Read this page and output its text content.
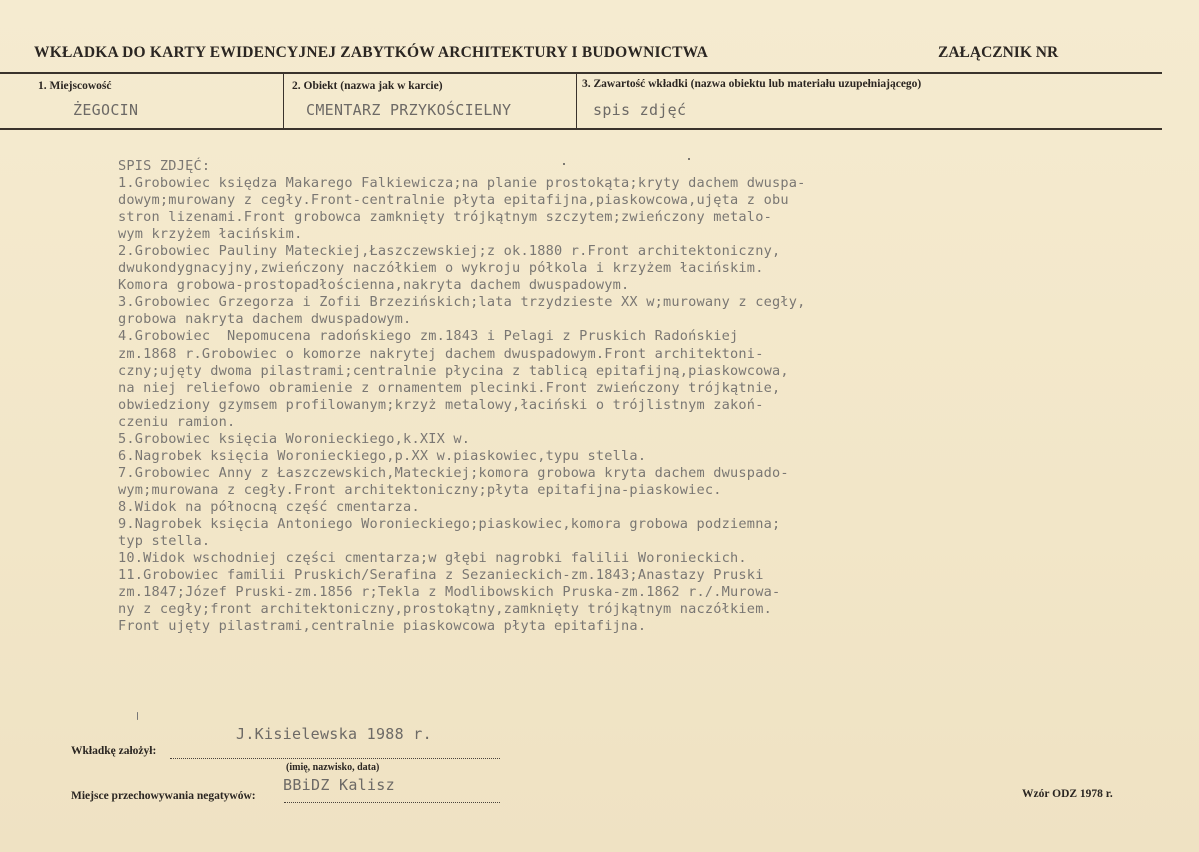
WKŁADKA DO KARTY EWIDENCYJNEJ ZABYTKÓW ARCHITEKTURY I BUDOWNICTWA	ZAŁĄCZNIK NR
1. Miejscowość
ŻEGOCIN
2. Obiekt (nazwa jak w karcie)
CMENTARZ PRZYKOŚCIELNY
3. Zawartość wkładki (nazwa obiektu lub materiału uzupełniającego)
spis zdjęć
SPIS ZDJĘĆ:
1.Grobowiec księdza Makarego Falkiewicza;na planie prostokąta;kryty dachem dwuspa-
dowym;murowany z cegły.Front-centralnie płyta epitafijna,piaskowcowa,ujęta z obu
stron lizenami.Front grobowca zamknięty trójkątnym szczytem;zwieńczony metalo-
wym krzyżem łacińskim.
2.Grobowiec Pauliny Mateckiej,Łaszczewskiej;z ok.1880 r.Front architektoniczny,
dwukondygnacyjny,zwieńczony naczółkiem o wykroju półkola i krzyżem łacińskim.
Komora grobowa-prostopadłościenna,nakryta dachem dwuspadowym.
3.Grobowiec Grzegorza i Zofii Brzezińskich;lata trzydzieste XX w;murowany z cegły,
grobowa nakryta dachem dwuspadowym.
4.Grobowiec  Nepomucena radońskiego zm.1843 i Pelagi z Pruskich Radońskiej
zm.1868 r.Grobowiec o komorze nakrytej dachem dwuspadowym.Front architektoni-
czny;ujęty dwoma pilastrami;centralnie płycina z tablicą epitafijną,piaskowcowa,
na niej reliefowo obramienie z ornamentem plecinki.Front zwieńczony trójkątnie,
obwiedziony gzymsem profilowanym;krzyż metalowy,łaciński o trójlistnym zakoń-
czeniu ramion.
5.Grobowiec księcia Woronieckiego,k.XIX w.
6.Nagrobek księcia Woronieckiego,p.XX w.piaskowiec,typu stella.
7.Grobowiec Anny z Łaszczewskich,Mateckiej;komora grobowa kryta dachem dwuspado-
wym;murowana z cegły.Front architektoniczny;płyta epitafijna-piaskowiec.
8.Widok na północną część cmentarza.
9.Nagrobek księcia Antoniego Woronieckiego;piaskowiec,komora grobowa podziemna;
typ stella.
10.Widok wschodniej części cmentarza;w głębi nagrobki falilii Woronieckich.
11.Grobowiec familii Pruskich/Serafina z Sezanieckich-zm.1843;Anastazy Pruski
zm.1847;Józef Pruski-zm.1856 r;Tekla z Modlibowskich Pruska-zm.1862 r./.Murowa-
ny z cegły;front architektoniczny,prostokątny,zamknięty trójkątnym naczółkiem.
Front ujęty pilastrami,centralnie piaskowcowa płyta epitafijna.
Wkładkę założył:
J.Kisielewska 1988 r.
(imię, nazwisko, data)
Miejsce przechowywania negatywów:
BBiDZ Kalisz	Wzór ODZ 1978 r.
